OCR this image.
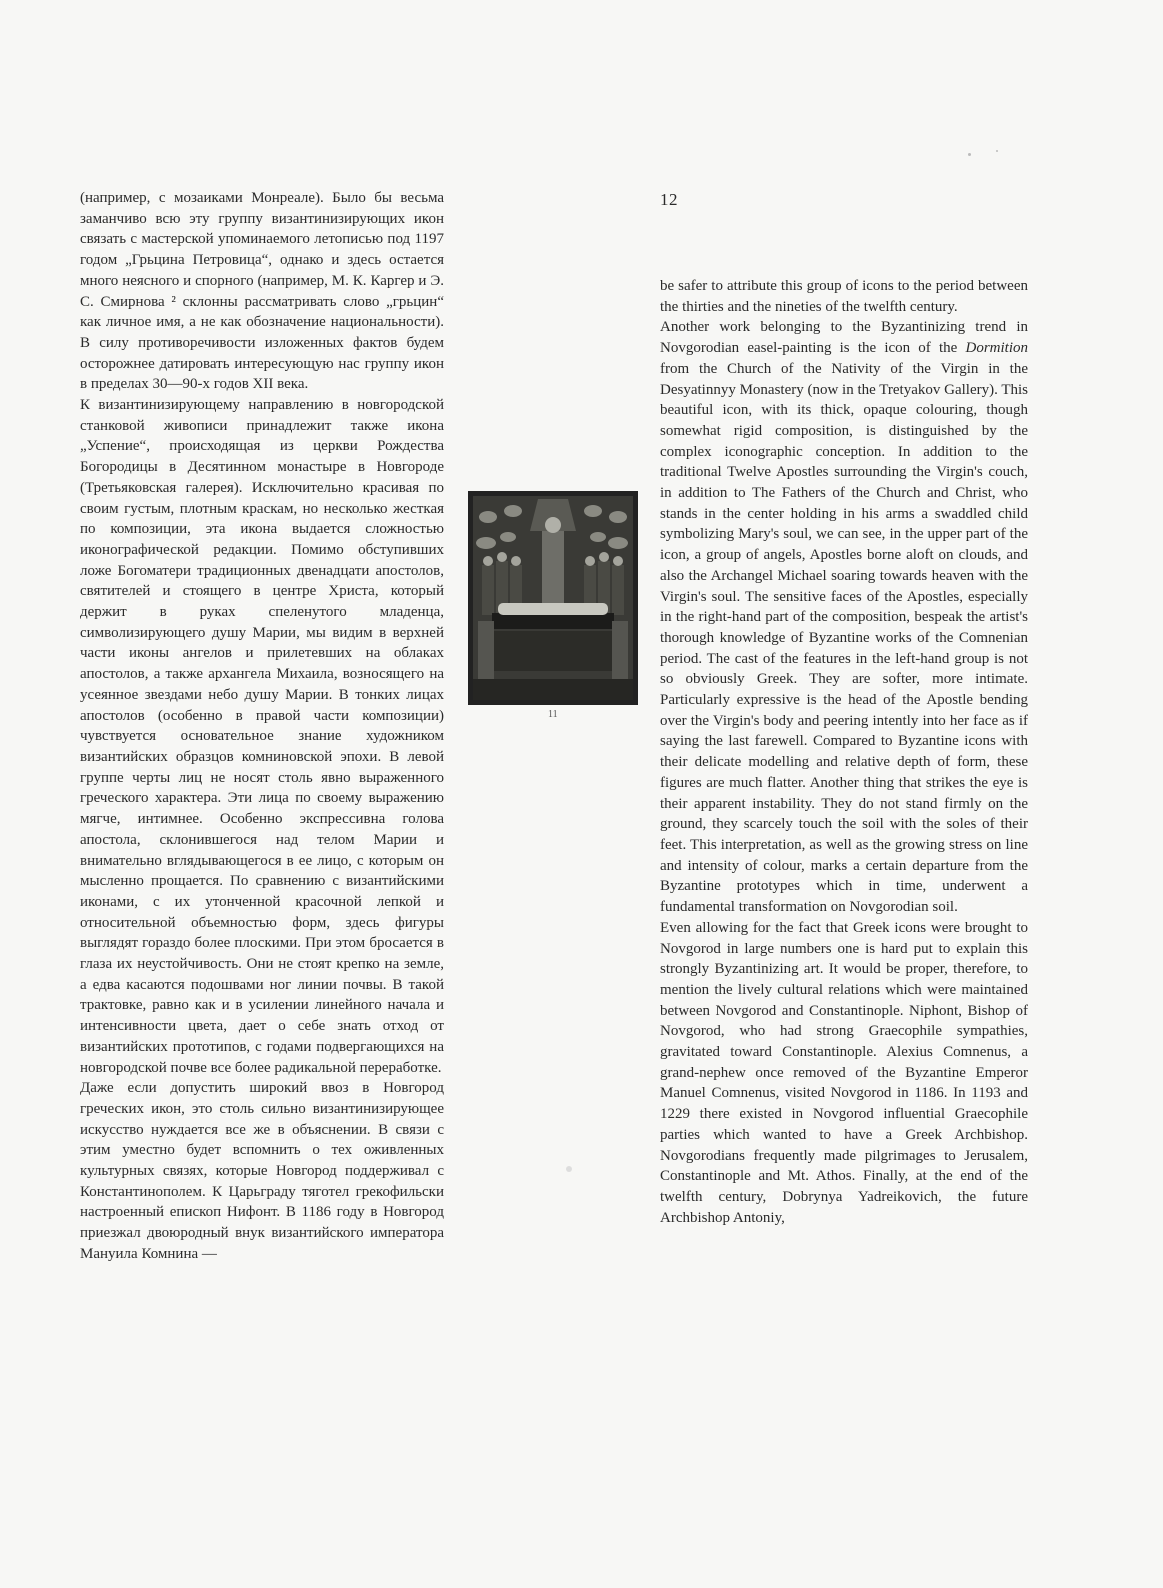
(например, с мозаиками Монреале). Было бы весьма заманчиво всю эту группу византинизирующих икон связать с мастерской упоминаемого летописью под 1197 годом „Грьцина Петровица“, однако и здесь остается много неясного и спорного (например, М. К. Каргер и Э. С. Смирнова ² склонны рассматривать слово „грьцин“ как личное имя, а не как обозначение национальности). В силу противоречивости изложенных фактов будем осторожнее датировать интересующую нас группу икон в пределах 30—90-х годов XII века.

К византинизирующему направлению в новгородской станковой живописи принадлежит также икона „Успение“, происходящая из церкви Рождества Богородицы в Десятинном монастыре в Новгороде (Третьяковская галерея). Исключительно красивая по своим густым, плотным краскам, но несколько жесткая по композиции, эта икона выдается сложностью иконографической редакции. Помимо обступивших ложе Богоматери традиционных двенадцати апостолов, святителей и стоящего в центре Христа, который держит в руках спеленутого младенца, символизирующего душу Марии, мы видим в верхней части иконы ангелов и прилетевших на облаках апостолов, а также архангела Михаила, возносящего на усеянное звездами небо душу Марии. В тонких лицах апостолов (особенно в правой части композиции) чувствуется основательное знание художником византийских образцов комниновской эпохи. В левой группе черты лиц не носят столь явно выраженного греческого характера. Эти лица по своему выражению мягче, интимнее. Особенно экспрессивна голова апостола, склонившегося над телом Марии и внимательно вглядывающегося в ее лицо, с которым он мысленно прощается. По сравнению с византийскими иконами, с их утонченной красочной лепкой и относительной объемностью форм, здесь фигуры выглядят гораздо более плоскими. При этом бросается в глаза их неустойчивость. Они не стоят крепко на земле, а едва касаются подошвами ног линии почвы. В такой трактовке, равно как и в усилении линейного начала и интенсивности цвета, дает о себе знать отход от византийских прототипов, с годами подвергающихся на новгородской почве все более радикальной переработке.

Даже если допустить широкий ввоз в Новгород греческих икон, это столь сильно византинизирующее искусство нуждается все же в объяснении. В связи с этим уместно будет вспомнить о тех оживленных культурных связях, которые Новгород поддерживал с Константинополем. К Царьграду тяготел грекофильски настроенный епископ Нифонт. В 1186 году в Новгород приезжал двоюродный внук византийского императора Мануила Комнина —

12
11

be safer to attribute this group of icons to the period between the thirties and the nineties of the twelfth century.

Another work belonging to the Byzantinizing trend in Novgorodian easel-painting is the icon of the Dormition from the Church of the Nativity of the Virgin in the Desyatinnyy Monastery (now in the Tretyakov Gallery). This beautiful icon, with its thick, opaque colouring, though somewhat rigid composition, is distinguished by the complex iconographic conception. In addition to the traditional Twelve Apostles surrounding the Virgin's couch, in addition to The Fathers of the Church and Christ, who stands in the center holding in his arms a swaddled child symbolizing Mary's soul, we can see, in the upper part of the icon, a group of angels, Apostles borne aloft on clouds, and also the Archangel Michael soaring towards heaven with the Virgin's soul. The sensitive faces of the Apostles, especially in the right-hand part of the composition, bespeak the artist's thorough knowledge of Byzantine works of the Comnenian period. The cast of the features in the left-hand group is not so obviously Greek. They are softer, more intimate. Particularly expressive is the head of the Apostle bending over the Virgin's body and peering intently into her face as if saying the last farewell. Compared to Byzantine icons with their delicate modelling and relative depth of form, these figures are much flatter. Another thing that strikes the eye is their apparent instability. They do not stand firmly on the ground, they scarcely touch the soil with the soles of their feet. This interpretation, as well as the growing stress on line and intensity of colour, marks a certain departure from the Byzantine prototypes which in time, underwent a fundamental transformation on Novgorodian soil.

Even allowing for the fact that Greek icons were brought to Novgorod in large numbers one is hard put to explain this strongly Byzantinizing art. It would be proper, therefore, to mention the lively cultural relations which were maintained between Novgorod and Constantinople. Niphont, Bishop of Novgorod, who had strong Graecophile sympathies, gravitated toward Constantinople. Alexius Comnenus, a grand-nephew once removed of the Byzantine Emperor Manuel Comnenus, visited Novgorod in 1186. In 1193 and 1229 there existed in Novgorod influential Graecophile parties which wanted to have a Greek Archbishop. Novgorodians frequently made pilgrimages to Jerusalem, Constantinople and Mt. Athos. Finally, at the end of the twelfth century, Dobrynya Yadreikovich, the future Archbishop Antoniy,
